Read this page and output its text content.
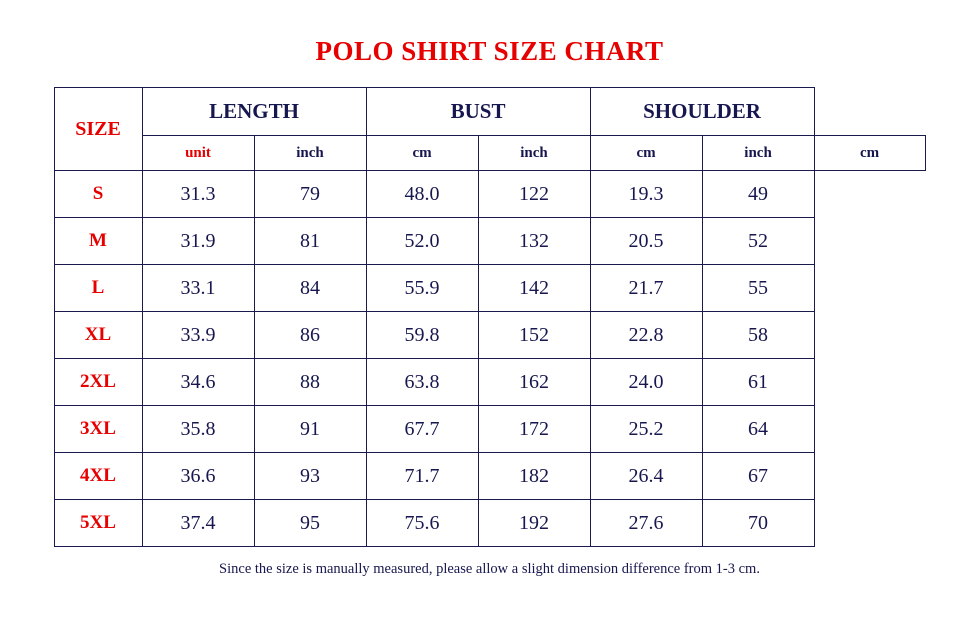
POLO SHIRT SIZE CHART
SIZE	LENGTH		BUST		SHOULDER		
	unit	inch	cm	inch	cm	inch	cm
S	31.3	79	48.0	122	19.3	49	
M	31.9	81	52.0	132	20.5	52	
L	33.1	84	55.9	142	21.7	55	
XL	33.9	86	59.8	152	22.8	58	
2XL	34.6	88	63.8	162	24.0	61	
3XL	35.8	91	67.7	172	25.2	64	
4XL	36.6	93	71.7	182	26.4	67	
5XL	37.4	95	75.6	192	27.6	70	
Since the size is manually measured, please allow a slight dimension difference from 1-3 cm.
